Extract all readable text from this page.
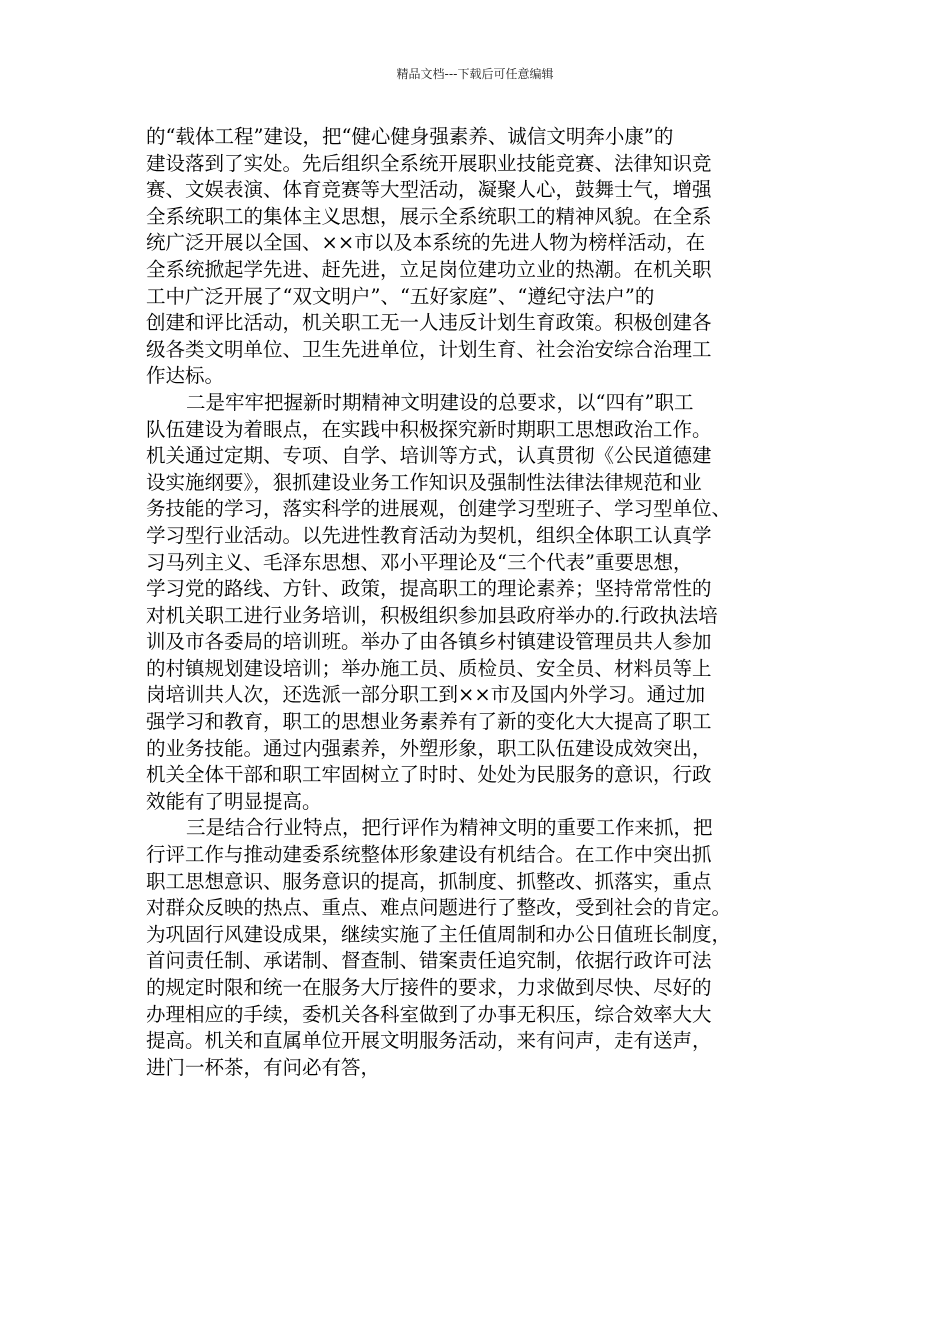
精品文档---下载后可任意编辑
的“载体工程”建设，把“健心健身强素养、诚信文明奔小康”的
建设落到了实处。先后组织全系统开展职业技能竞赛、法律知识竞
赛、文娱表演、体育竞赛等大型活动，凝聚人心，鼓舞士气，增强
全系统职工的集体主义思想，展示全系统职工的精神风貌。在全系
统广泛开展以全国、××市以及本系统的先进人物为榜样活动，在
全系统掀起学先进、赶先进，立足岗位建功立业的热潮。在机关职
工中广泛开展了“双文明户”、“五好家庭”、“遵纪守法户”的
创建和评比活动，机关职工无一人违反计划生育政策。积极创建各
级各类文明单位、卫生先进单位，计划生育、社会治安综合治理工
作达标。
二是牢牢把握新时期精神文明建设的总要求，以“四有”职工
队伍建设为着眼点，在实践中积极探究新时期职工思想政治工作。
机关通过定期、专项、自学、培训等方式，认真贯彻《公民道德建
设实施纲要》，狠抓建设业务工作知识及强制性法律法律规范和业
务技能的学习，落实科学的进展观，创建学习型班子、学习型单位、
学习型行业活动。以先进性教育活动为契机，组织全体职工认真学
习马列主义、毛泽东思想、邓小平理论及“三个代表”重要思想，
学习党的路线、方针、政策，提高职工的理论素养；坚持常常性的
对机关职工进行业务培训，积极组织参加县政府举办的.行政执法培
训及市各委局的培训班。举办了由各镇乡村镇建设管理员共人参加
的村镇规划建设培训；举办施工员、质检员、安全员、材料员等上
岗培训共人次，还选派一部分职工到××市及国内外学习。通过加
强学习和教育，职工的思想业务素养有了新的变化大大提高了职工
的业务技能。通过内强素养，外塑形象，职工队伍建设成效突出，
机关全体干部和职工牢固树立了时时、处处为民服务的意识，行政
效能有了明显提高。
三是结合行业特点，把行评作为精神文明的重要工作来抓，把
行评工作与推动建委系统整体形象建设有机结合。在工作中突出抓
职工思想意识、服务意识的提高，抓制度、抓整改、抓落实，重点
对群众反映的热点、重点、难点问题进行了整改，受到社会的肯定。
为巩固行风建设成果，继续实施了主任值周制和办公日值班长制度，
首问责任制、承诺制、督查制、错案责任追究制，依据行政许可法
的规定时限和统一在服务大厅接件的要求，力求做到尽快、尽好的
办理相应的手续，委机关各科室做到了办事无积压，综合效率大大
提高。机关和直属单位开展文明服务活动，来有问声，走有送声，
进门一杯茶，有问必有答，
